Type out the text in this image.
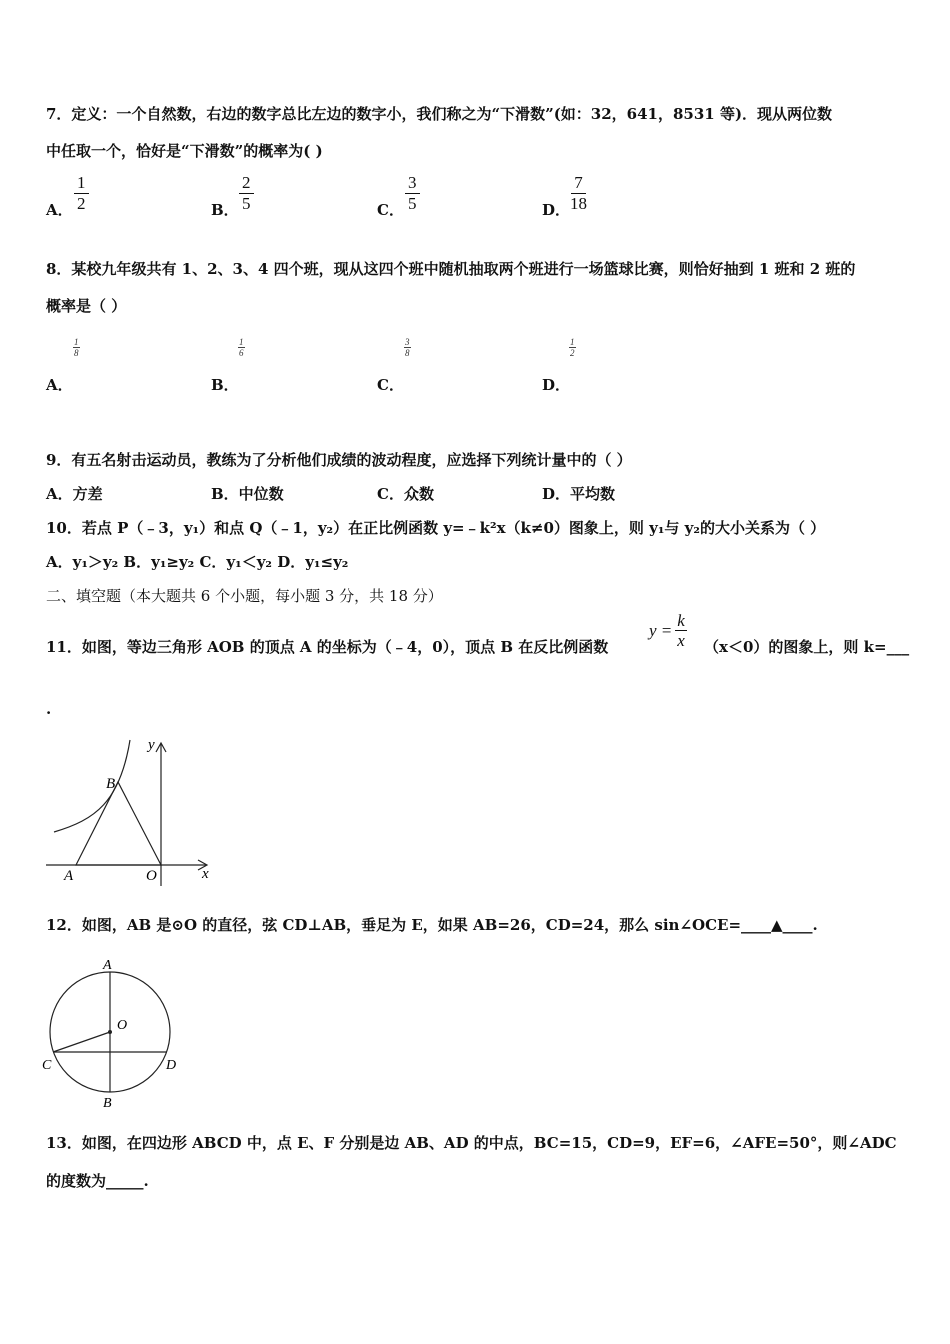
7．定义：一个自然数，右边的数字总比左边的数字小，我们称之为“下滑数”(如：32，641，8531 等)．现从两位数
中任取一个，恰好是“下滑数”的概率为( )
A． $\frac{1}{2}$	B． $\frac{2}{5}$	C． $\frac{3}{5}$	D． $\frac{7}{18}$
8．某校九年级共有 1、2、3、4 四个班，现从这四个班中随机抽取两个班进行一场篮球比赛，则恰好抽到 1 班和 2 班的
概率是（ ）
$\frac{1}{8}$
A．
$\frac{1}{6}$
B．
$\frac{3}{8}$
C．
$\frac{1}{2}$
D．
9．有五名射击运动员，教练为了分析他们成绩的波动程度，应选择下列统计量中的（ ）
A．方差	B．中位数	C．众数	D．平均数
10．若点 P（﹣3，y₁）和点 Q（﹣1，y₂）在正比例函数 y=﹣k²x（k≠0）图象上，则 y₁与 y₂的大小关系为（ ）
A．y₁＞y₂ B．y₁≥y₂ C．y₁＜y₂ D．y₁≤y₂
二、填空题（本大题共 6 个小题，每小题 3 分，共 18 分）
11．如图，等边三角形 AOB 的顶点 A 的坐标为（﹣4，0），顶点 B 在反比例函数
$y = \frac{k}{x} (x<0)$的图象上，则 k=___
.
y
x
A
B
O
12．如图，AB 是⊙O 的直径，弦 CD⊥AB，垂足为 E，如果 AB=26，CD=24，那么 sin∠OCE=____▲____.
A
O
C	D
B
13．如图，在四边形 ABCD 中，点 E、F 分别是边 AB、AD 的中点，BC=15，CD=9，EF=6，∠AFE=50°，则∠ADC
的度数为_____.
